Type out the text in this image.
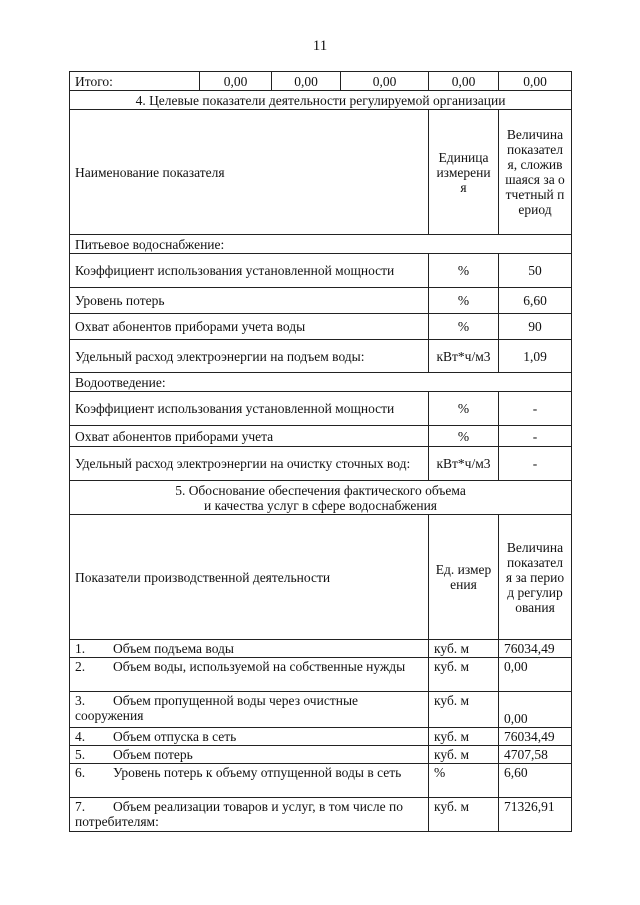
11
Итого:	0,00	0,00	0,00	0,00	0,00
4. Целевые показатели деятельности регулируемой организации		
Наименование показателя	Единица измерения	Величина показателя, сложившаяся за отчетный период
Питьевое водоснабжение:		
Коэффициент использования установленной мощности	%	50
Уровень потерь	%	6,60
Охват абонентов приборами учета воды	%	90
Удельный расход электроэнергии на подъем воды:	кВт*ч/м3	1,09
Водоотведение:		
Коэффициент использования установленной мощности	%	-
Охват абонентов приборами учета	%	-
Удельный расход электроэнергии на очистку сточных вод:	кВт*ч/м3	-

5. Обоснование обеспечения фактического объема
и качества услуг в сфере водоснабжения		

Показатели производственной деятельности	Ед. измерения	Величина показателя за период регулирования
1. Объем подъема воды	куб. м	76034,49
2. Объем воды, используемой на собственные нужды	куб. м	0,00
3. Объем пропущенной воды через очистные сооружения	куб. м	0,00
4. Объем отпуска в сеть	куб. м	76034,49
5. Объем потерь	куб. м	4707,58
6. Уровень потерь к объему отпущенной воды в сеть	%	6,60
7. Объем реализации товаров и услуг, в том числе по потребителям:	куб. м	71326,91
